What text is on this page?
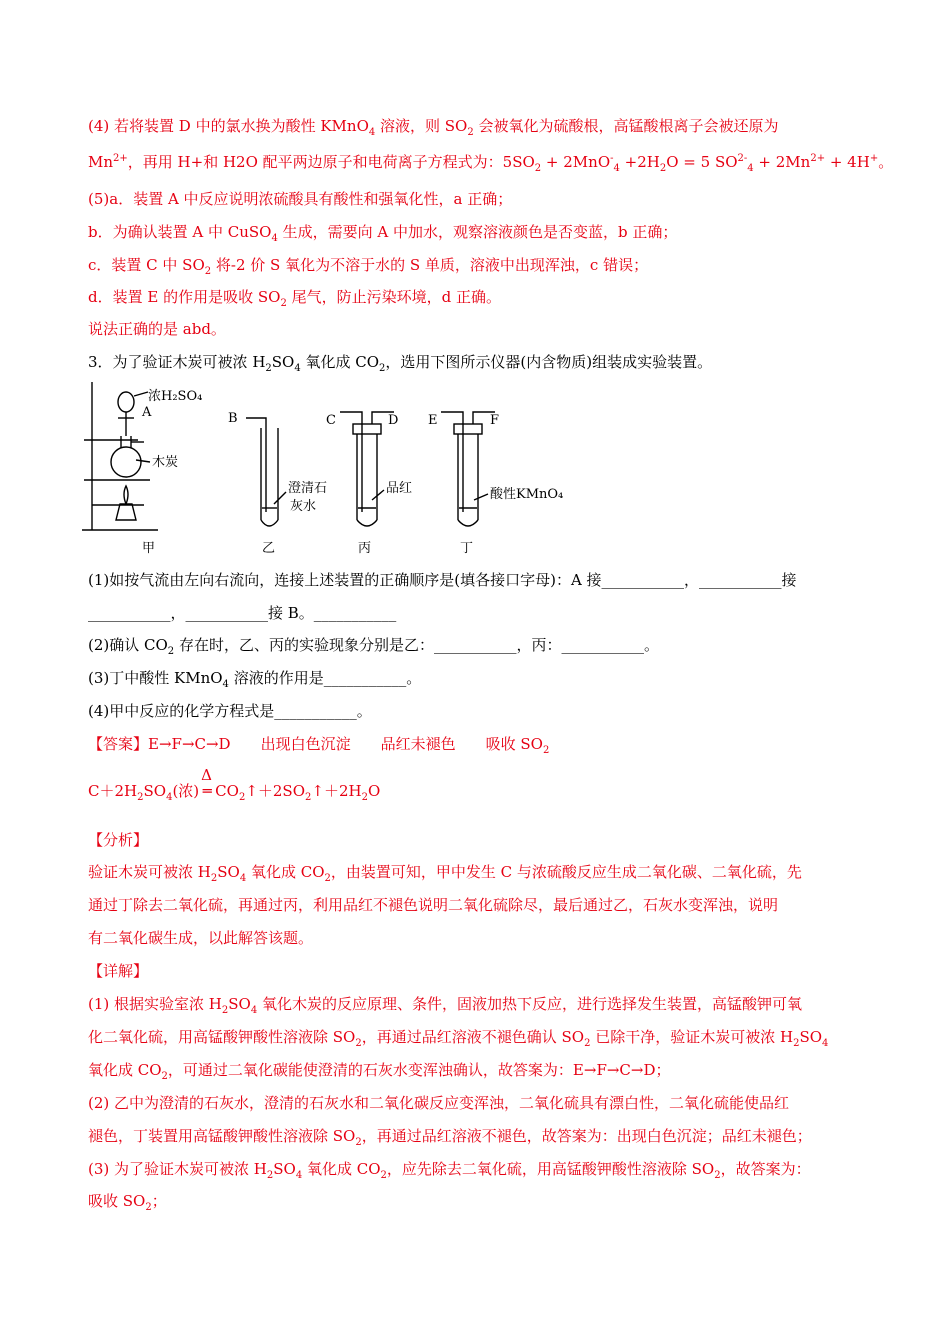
(4) 若将装置 D 中的氯水换为酸性 KMnO$_4$ 溶液，则 $SO_2$ 会被氧化为硫酸根，高锰酸根离子会被还原为
$Mn^{2+}$，再用 H+和 H2O 配平两边原子和电荷离子方程式为：$5SO_2 + 2MnO^-_4 +2H_2O = 5$ $SO^{2-}_4 + 2Mn^{2+} + 4H^+$。
(5)a．装置 A 中反应说明浓硫酸具有酸性和强氧化性，a 正确；
b．为确认装置 A 中 CuSO$_4$ 生成，需要向 A 中加水，观察溶液颜色是否变蓝，b 正确；
c．装置 C 中 $SO_2$ 将-2 价 S 氧化为不溶于水的 S 单质，溶液中出现浑浊，c 错误；
d．装置 E 的作用是吸收 $SO_2$ 尾气，防止污染环境，d 正确。
说法正确的是 abd。
3．为了验证木炭可被浓 $H_2SO_4$ 氧化成 $CO_2$，选用下图所示仪器(内含物质)组装成实验装置。
浓H₂SO₄
A
木炭
B	C	D E	F
澄清石
灰水
品红	酸性KMnO₄
甲	乙	丙	丁
(1)如按气流由左向右流向，连接上述装置的正确顺序是(填各接口字母)：A 接___________，___________接
___________，___________接 B。___________
(2)确认 $CO_2$ 存在时，乙、丙的实验现象分别是乙：___________，丙：___________。
(3)丁中酸性 KMnO$_4$ 溶液的作用是___________。
(4)甲中反应的化学方程式是___________。
【答案】E→F→C→D 出现白色沉淀 品红未褪色 吸收 $SO_2$
$C+2H_2SO_4$(浓)
Δ
═ $CO_2↑+2SO_2↑+2H_2O$
【分析】
验证木炭可被浓 $H_2SO_4$ 氧化成 $CO_2$，由装置可知，甲中发生 C 与浓硫酸反应生成二氧化碳、二氧化硫，先
通过丁除去二氧化硫，再通过丙，利用品红不褪色说明二氧化硫除尽，最后通过乙，石灰水变浑浊，说明
有二氧化碳生成，以此解答该题。
【详解】
(1) 根据实验室浓 $H_2SO_4$ 氧化木炭的反应原理、条件，固液加热下反应，进行选择发生装置，高锰酸钾可氧
化二氧化硫，用高锰酸钾酸性溶液除 $SO_2$，再通过品红溶液不褪色确认 $SO_2$ 已除干净，验证木炭可被浓 $H_2SO_4$
氧化成 $CO_2$，可通过二氧化碳能使澄清的石灰水变浑浊确认，故答案为：E→F→C→D；
(2) 乙中为澄清的石灰水，澄清的石灰水和二氧化碳反应变浑浊，二氧化硫具有漂白性，二氧化硫能使品红
褪色，丁装置用高锰酸钾酸性溶液除 $SO_2$，再通过品红溶液不褪色，故答案为：出现白色沉淀；品红未褪色；
(3) 为了验证木炭可被浓 $H_2SO_4$ 氧化成 $CO_2$，应先除去二氧化硫，用高锰酸钾酸性溶液除 $SO_2$，故答案为：
吸收 $SO_2$；
